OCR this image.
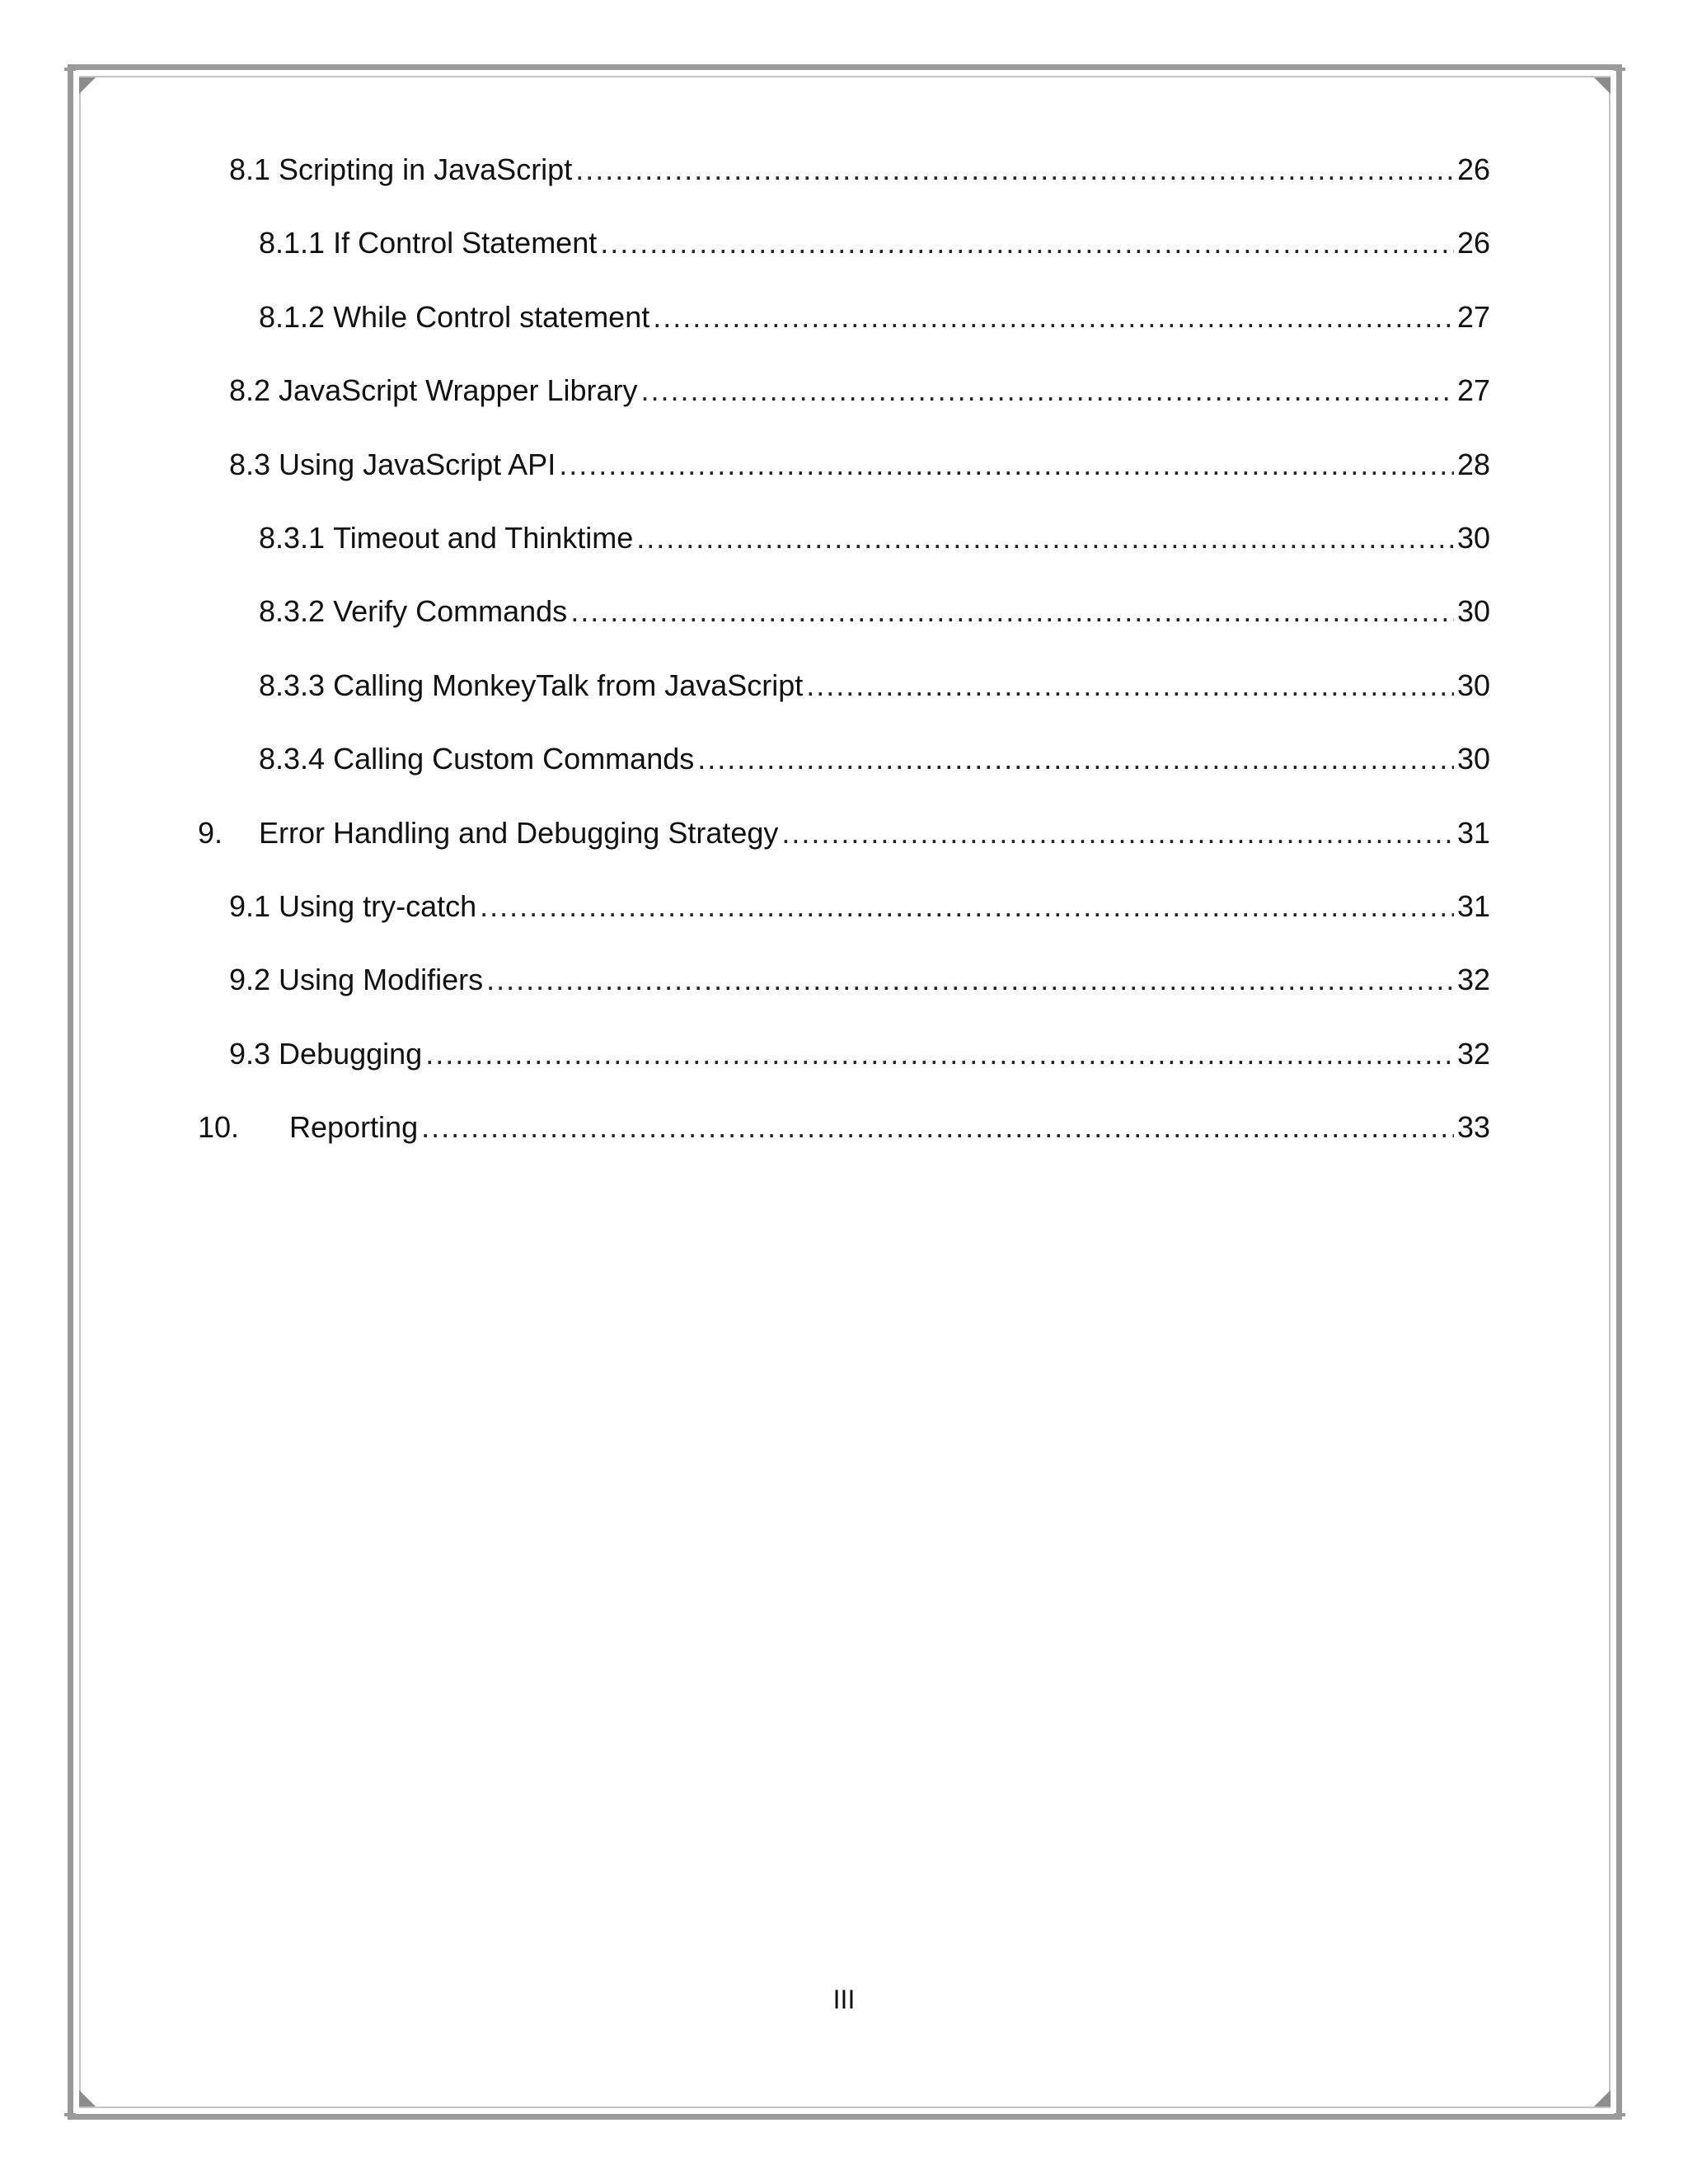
8.1 Scripting in JavaScript .....	26
8.1.1 If Control Statement .....	26
8.1.2 While Control statement .....	27
8.2 JavaScript Wrapper Library .....	27
8.3 Using JavaScript API .....	28
8.3.1 Timeout and Thinktime .....	30
8.3.2 Verify Commands .....	30
8.3.3 Calling MonkeyTalk from JavaScript .....	30
8.3.4 Calling Custom Commands .....	30
9.	Error Handling and Debugging Strategy .....	31
9.1 Using try-catch .....	31
9.2 Using Modifiers .....	32
9.3 Debugging .....	32
10.	Reporting .....	33
III
